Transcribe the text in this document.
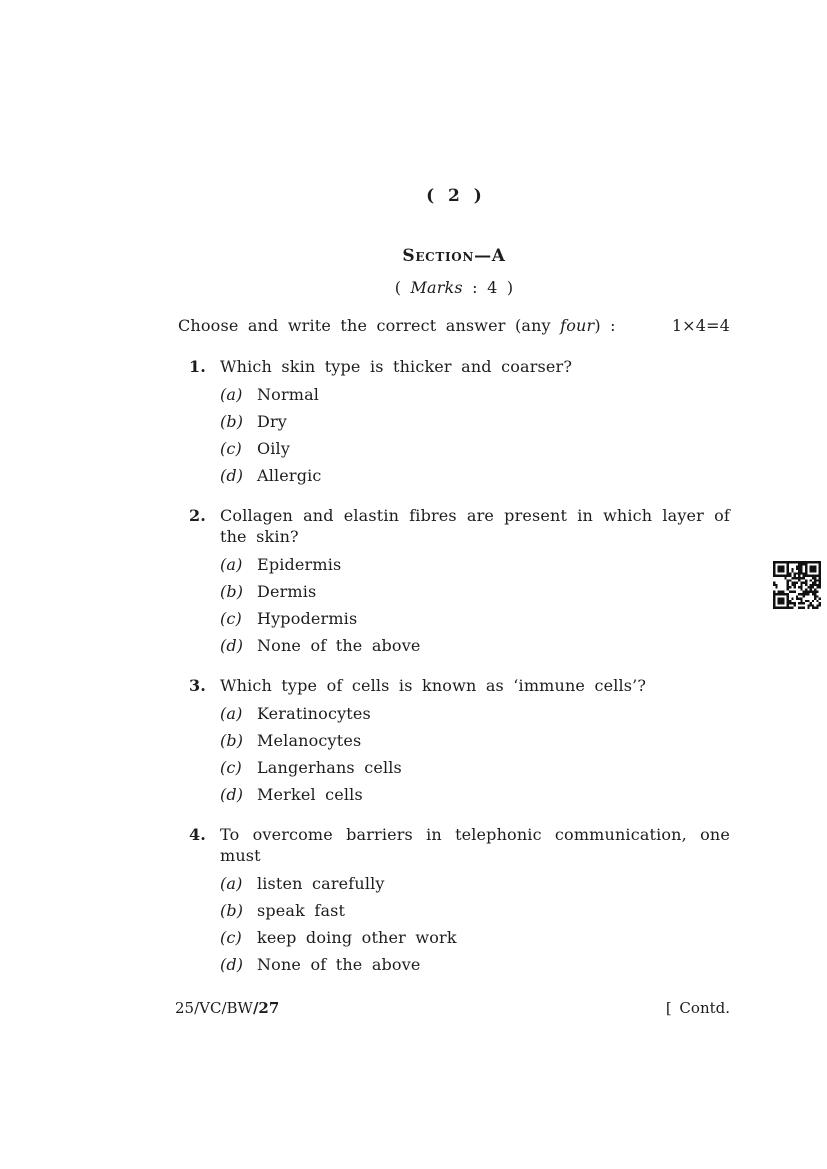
( 2 )
Section—A
( Marks : 4 )
Choose and write the correct answer (any four) :	1×4=4
1. Which skin type is thicker and coarser?
(a) Normal
(b) Dry
(c) Oily
(d) Allergic
2. Collagen and elastin fibres are present in which layer of
the skin?
(a) Epidermis
(b) Dermis
(c) Hypodermis
(d) None of the above
3. Which type of cells is known as ‘immune cells’?
(a) Keratinocytes
(b) Melanocytes
(c) Langerhans cells
(d) Merkel cells
4. To overcome barriers in telephonic communication, one
must
(a) listen carefully
(b) speak fast
(c) keep doing other work
(d) None of the above
25/VC/BW/27	[ Contd.
